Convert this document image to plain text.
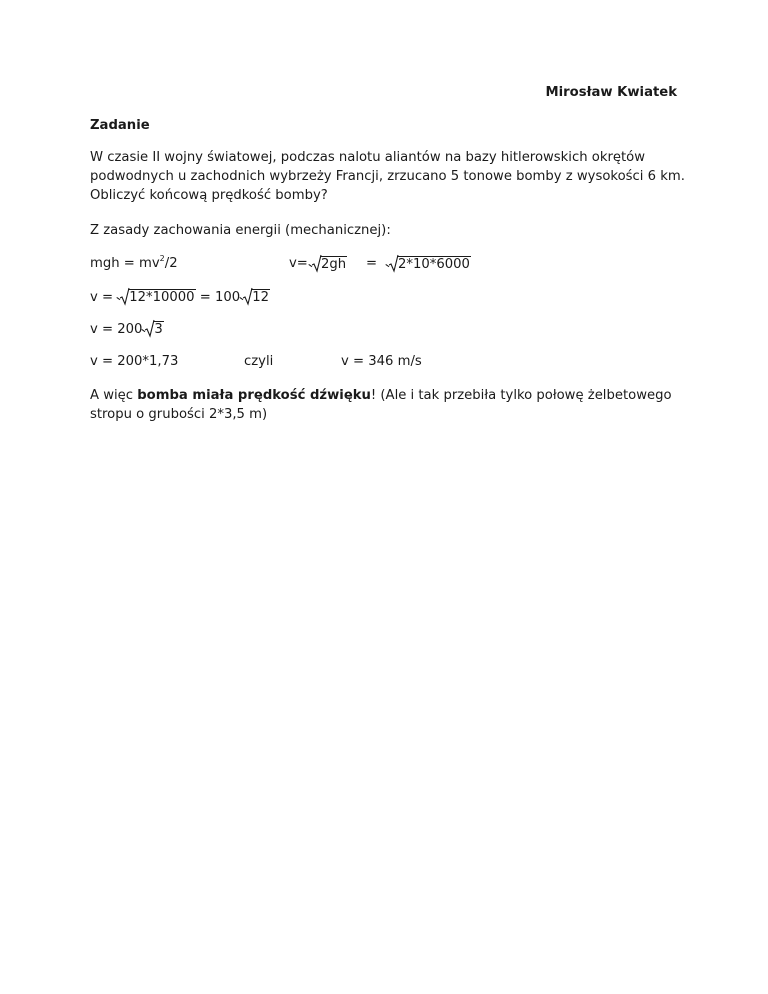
Mirosław Kwiatek
Zadanie
W czasie II wojny światowej, podczas nalotu aliantów na bazy hitlerowskich okrętów podwodnych u zachodnich wybrzeży Francji, zrzucano 5 tonowe bomby z wysokości 6 km. Obliczyć końcową prędkość bomby?
Z zasady zachowania energii (mechanicznej):
mgh = $mv^2/2$	v= 2gh =	2*10*6000
v = 12*10000 = 100 12
v = 200 3
v = 200*1,73	czyli	v = 346 m/s
A więc bomba miała prędkość dźwięku! (Ale i tak przebiła tylko połowę żelbetowego stropu o grubości 2*3,5 m)
